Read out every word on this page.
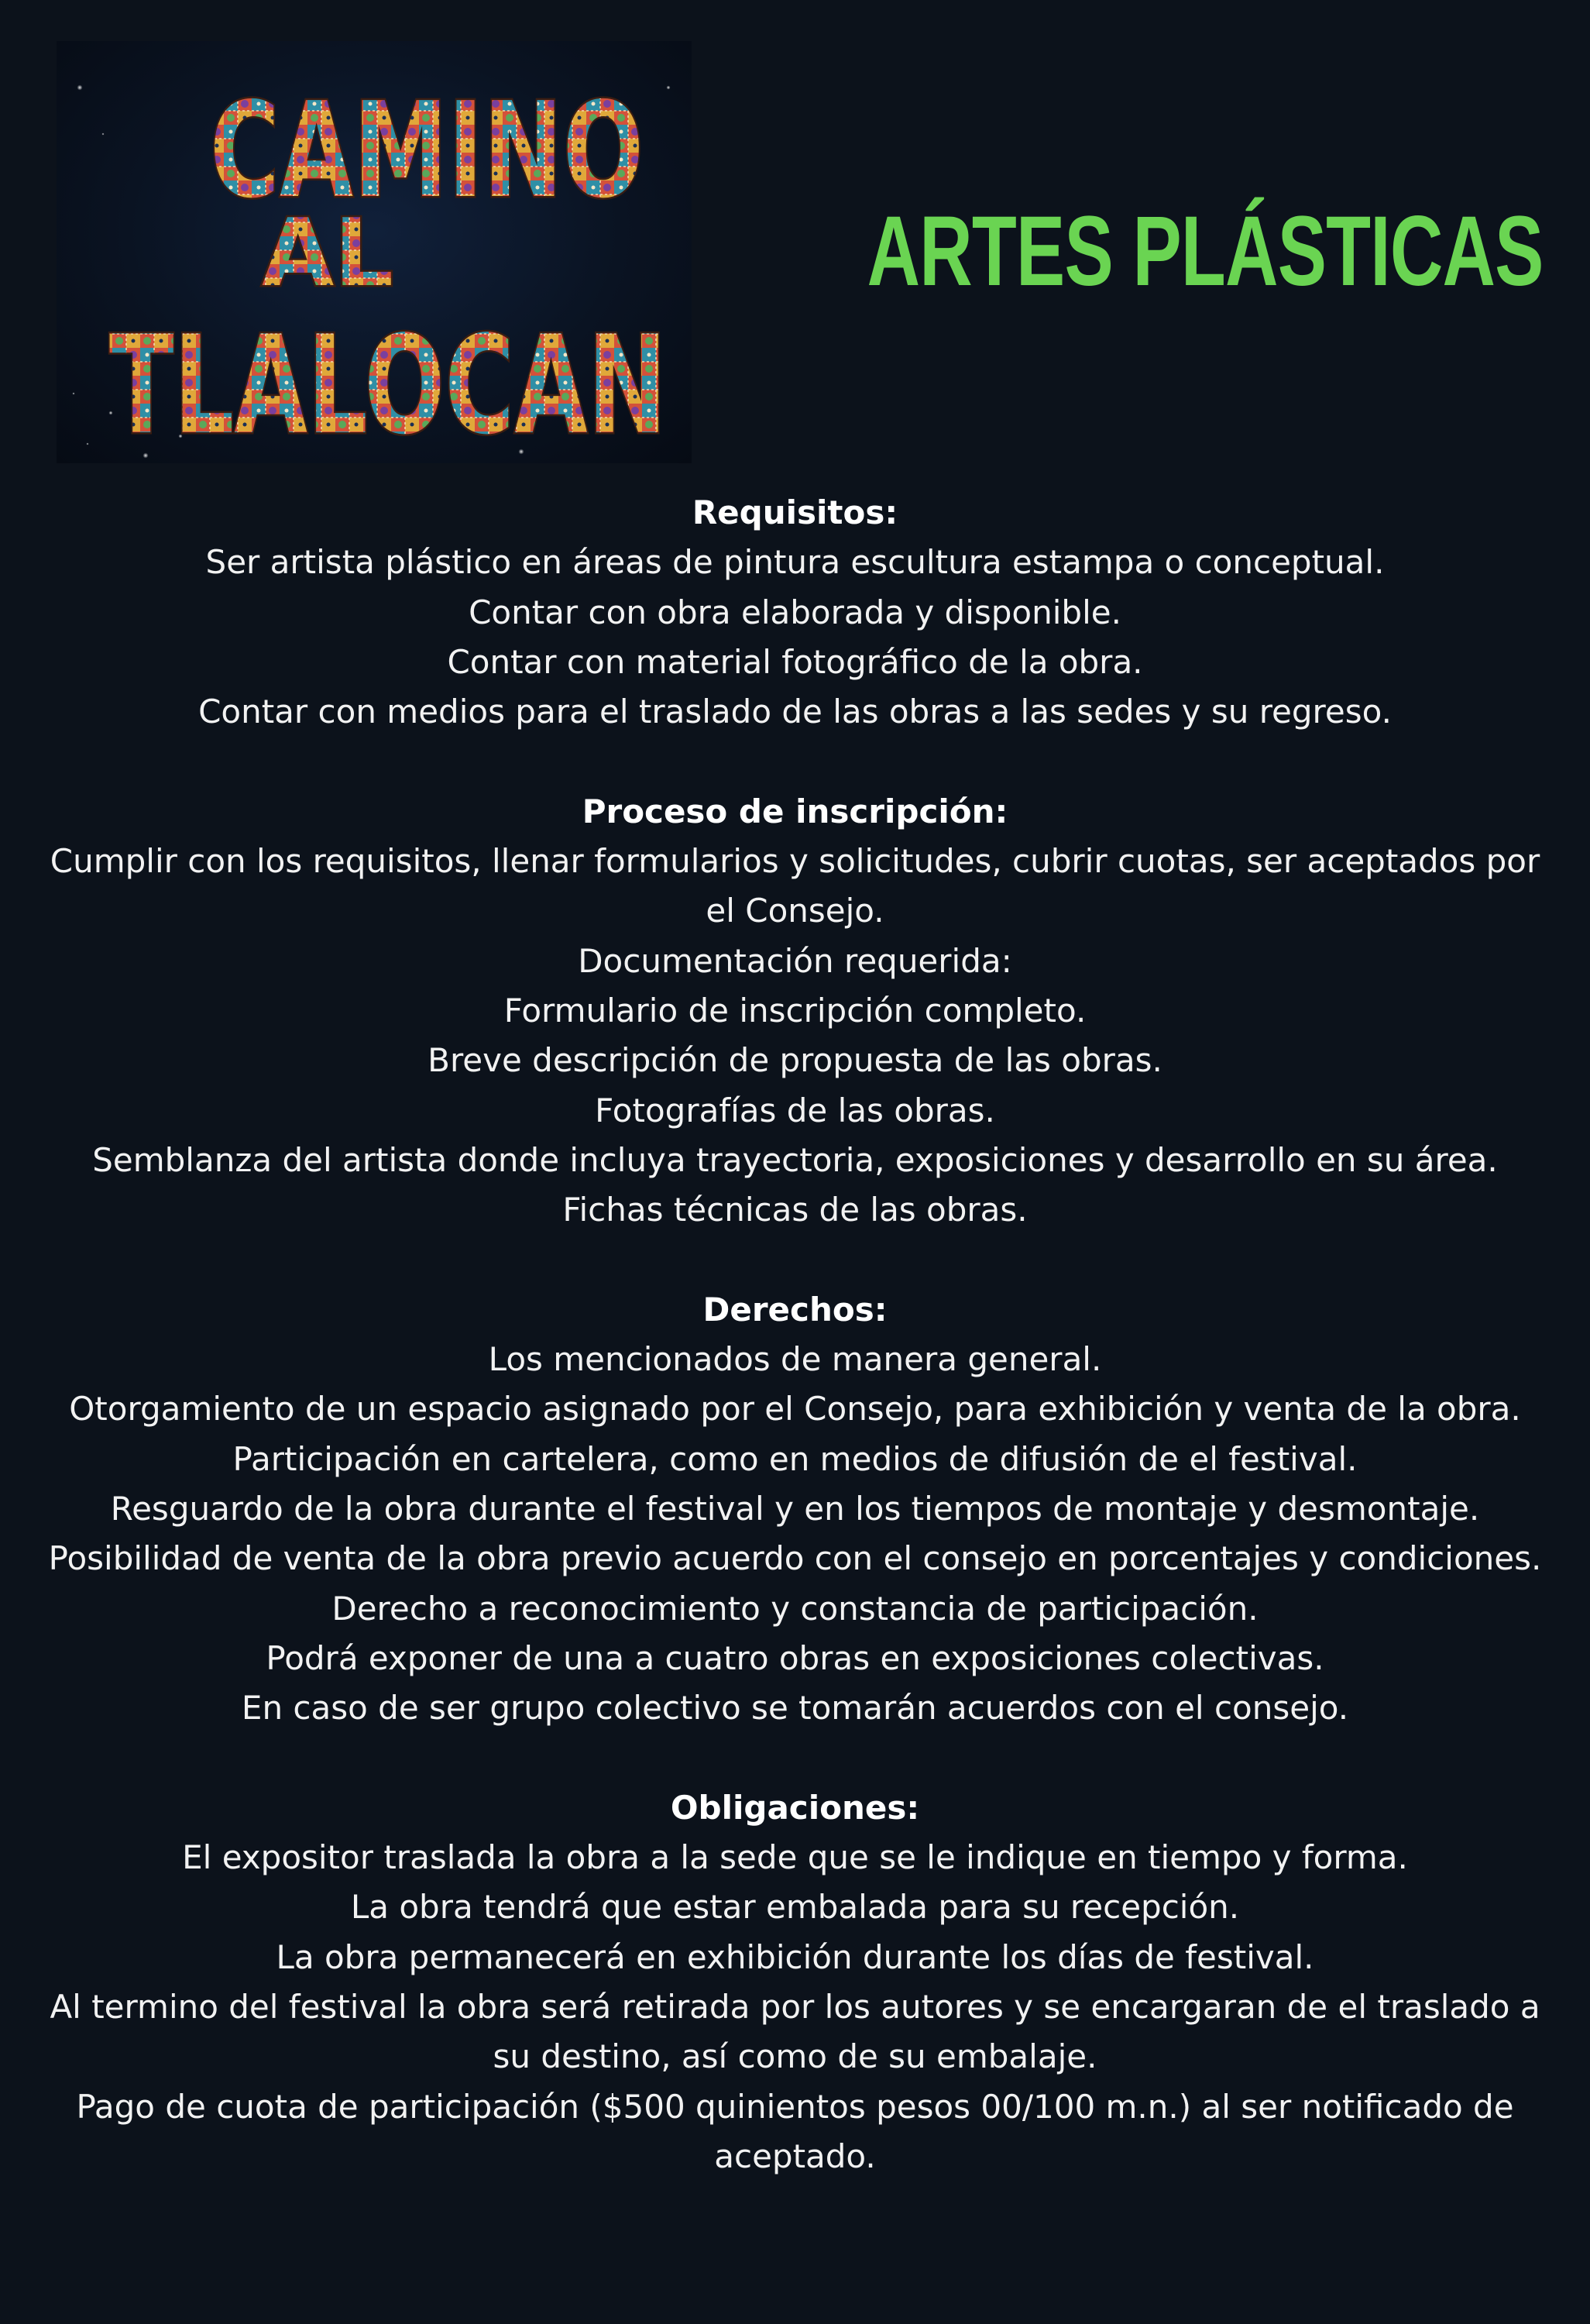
CAMINO
AL
TLALOCAN
ARTES PLÁSTICAS

Requisitos:

Ser artista plástico en áreas de pintura escultura estampa o conceptual.

Contar con obra elaborada y disponible.

Contar con material fotográfico de la obra.

Contar con medios para el traslado de las obras a las sedes y su regreso.

Proceso de inscripción:

Cumplir con los requisitos, llenar formularios y solicitudes, cubrir cuotas, ser aceptados por el Consejo.

Documentación requerida:

Formulario de inscripción completo.

Breve descripción de propuesta de las obras.

Fotografías de las obras.

Semblanza del artista donde incluya trayectoria, exposiciones y desarrollo en su área.

Fichas técnicas de las obras.

Derechos:

Los mencionados de manera general.

Otorgamiento de un espacio asignado por el Consejo, para exhibición y venta de la obra.

Participación en cartelera, como en medios de difusión de el festival.

Resguardo de la obra durante el festival y en los tiempos de montaje y desmontaje.

Posibilidad de venta de la obra previo acuerdo con el consejo en porcentajes y condiciones.

Derecho a reconocimiento y constancia de participación.

Podrá exponer de una a cuatro obras en exposiciones colectivas.

En caso de ser grupo colectivo se tomarán acuerdos con el consejo.

Obligaciones:

El expositor traslada la obra a la sede que se le indique en tiempo y forma.

La obra tendrá que estar embalada para su recepción.

La obra permanecerá en exhibición durante los días de festival.

Al termino del festival la obra será retirada por los autores y se encargaran de el traslado a su destino, así como de su embalaje.

Pago de cuota de participación ($500 quinientos pesos 00/100 m.n.) al ser notificado de aceptado.
